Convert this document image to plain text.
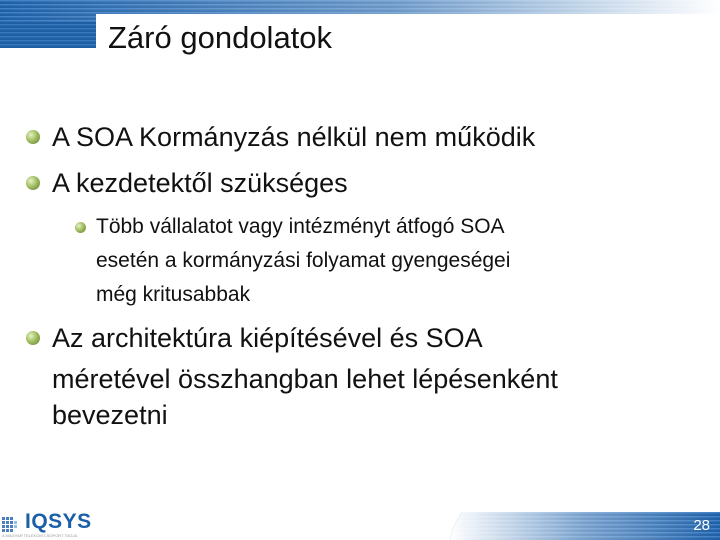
Záró gondolatok

A SOA Kormányzás nélkül nem működik

A kezdetektől szükséges

Több vállalatot vagy intézményt átfogó SOA

esetén a kormányzási folyamat gyengeségei

még kritusabbak

Az architektúra kiépítésével és SOA

méretével összhangban lehet lépésenként

bevezetni

IQSYS
A MAGYAR TELEKOM CSOPORT TAGJA
28
